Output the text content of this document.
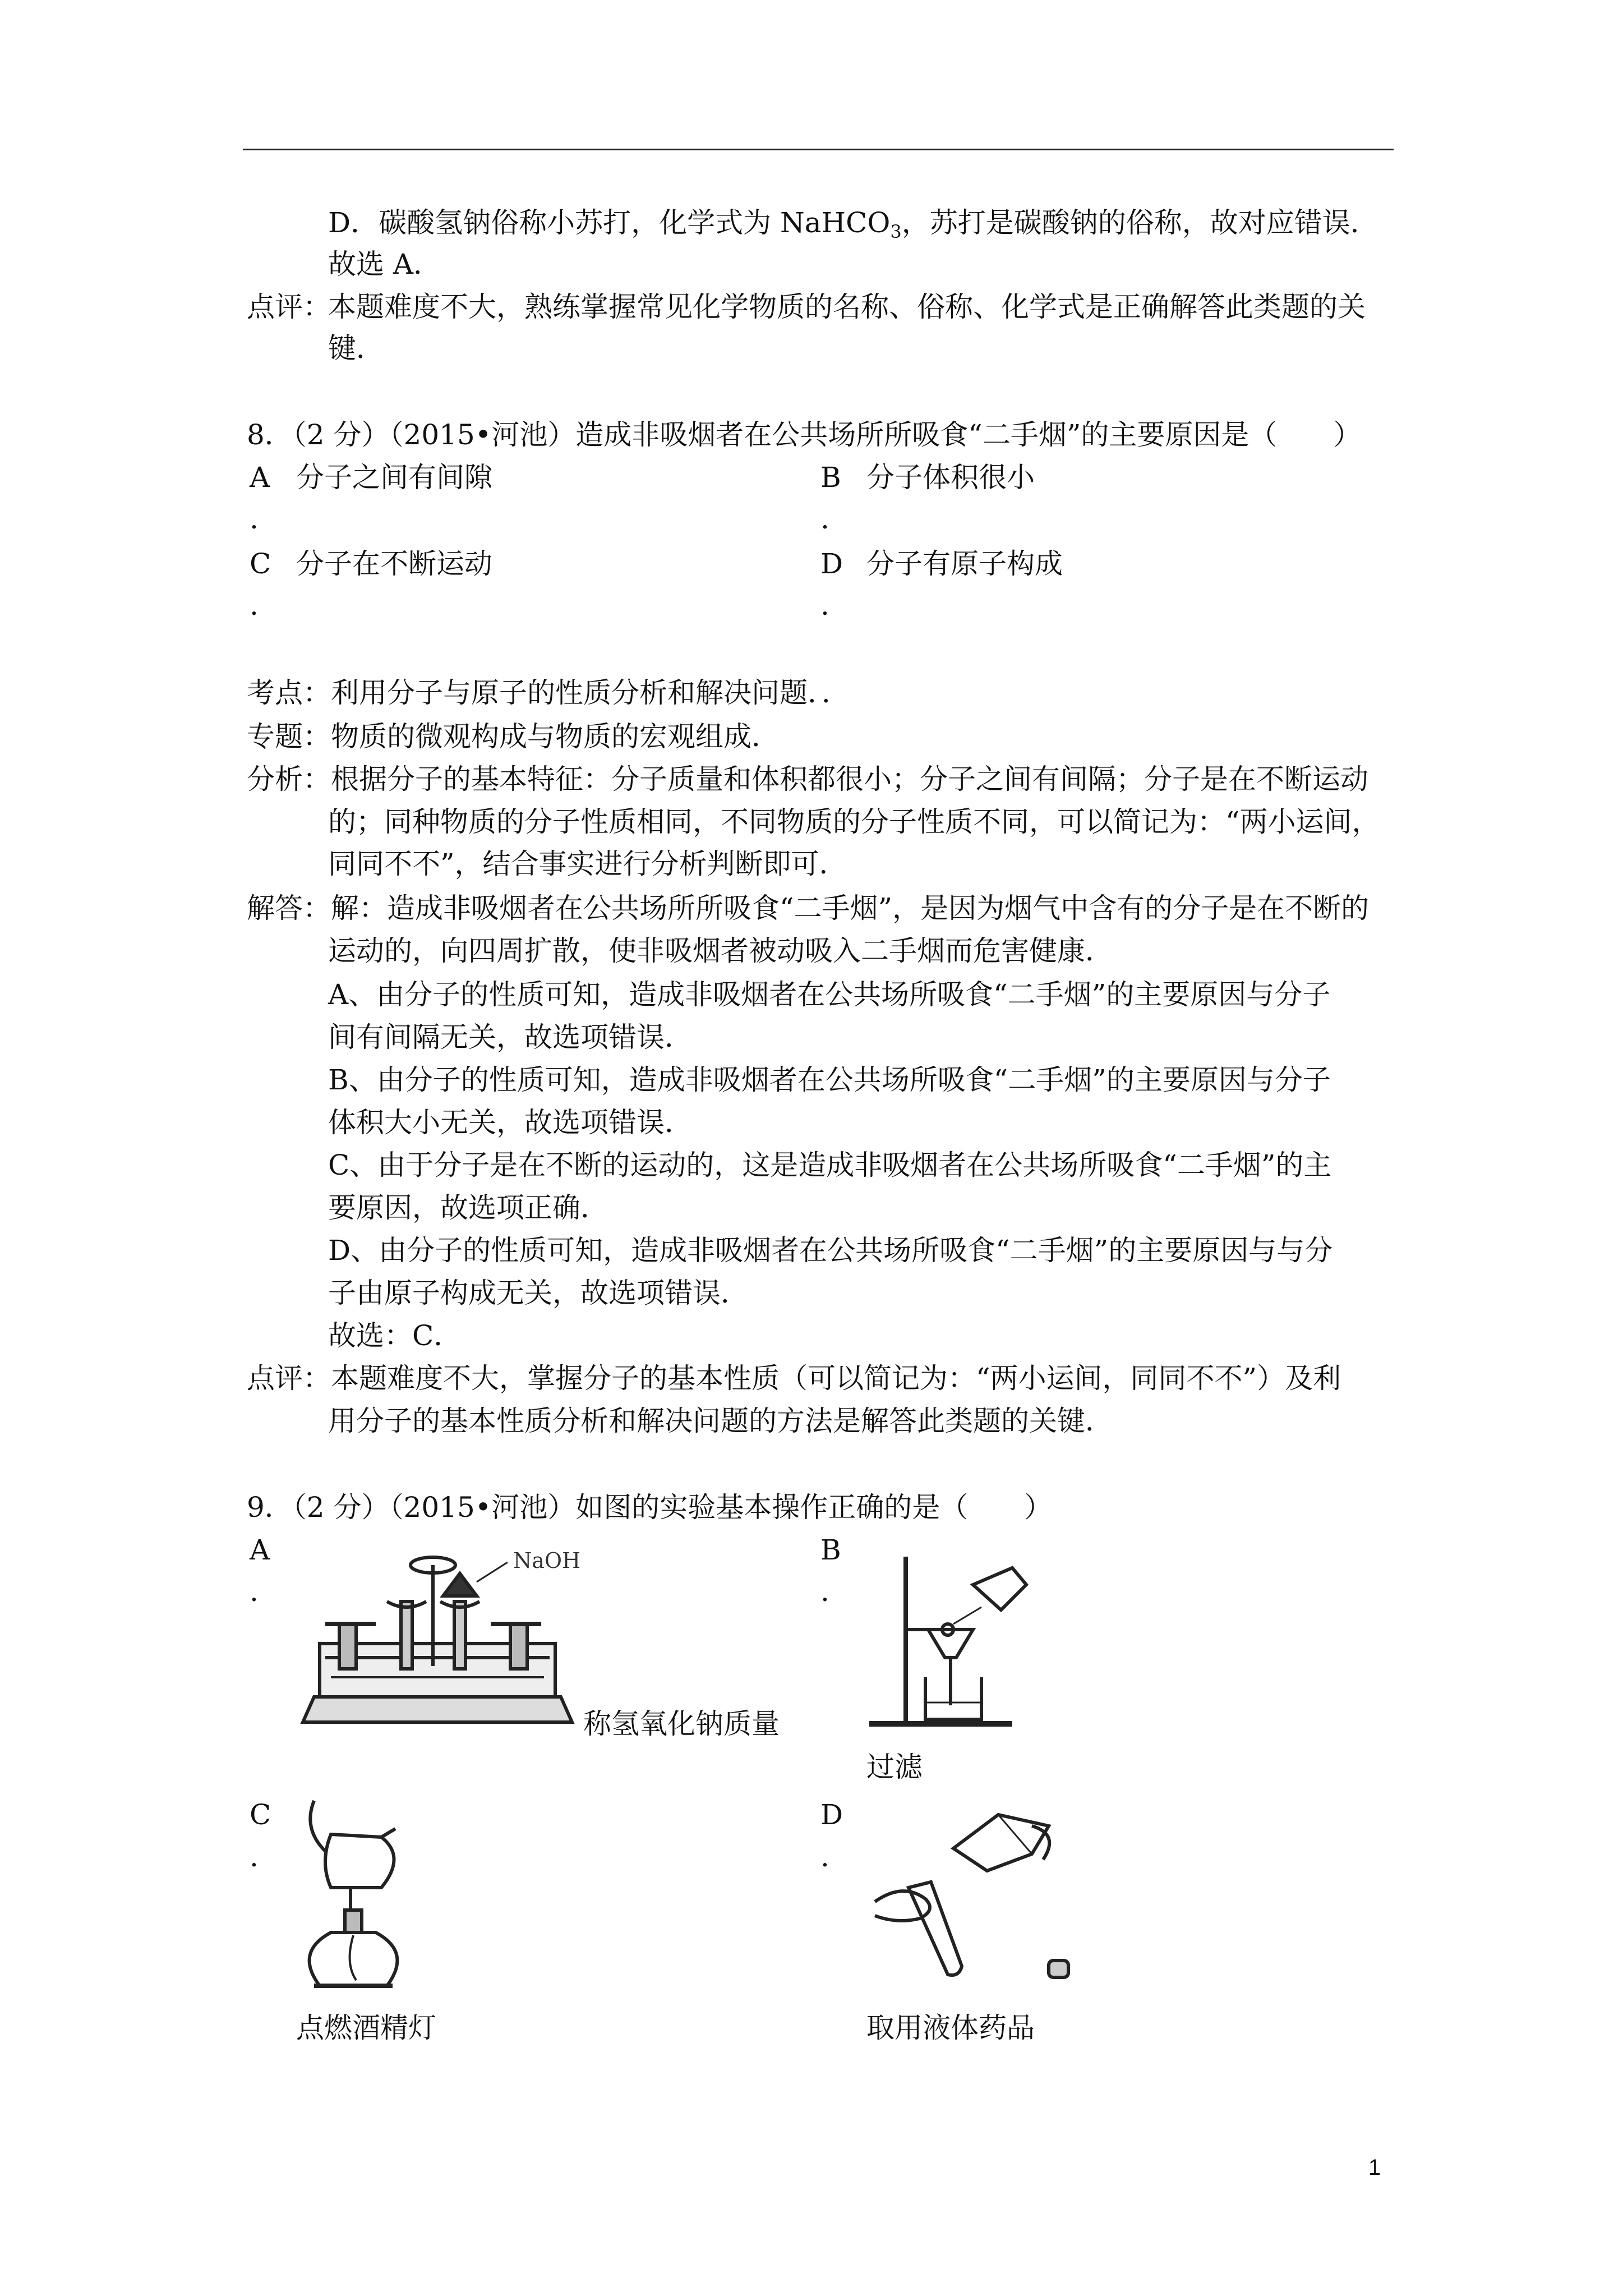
D．碳酸氢钠俗称小苏打，化学式为 NaHCO$_3$，苏打是碳酸钠的俗称，故对应错误．
故选 A．
点评：
本题难度不大，熟练掌握常见化学物质的名称、俗称、化学式是正确解答此类题的关
键．
8．（2 分）（2015•河池）造成非吸烟者在公共场所所吸食“二手烟”的主要原因是（　　）
A
.
分子之间有间隙	B
.
分子体积很小
C
.
分子在不断运动	D
.
分子有原子构成
考点：利用分子与原子的性质分析和解决问题．．
专题：物质的微观构成与物质的宏观组成．
分析：根据分子的基本特征：分子质量和体积都很小；分子之间有间隔；分子是在不断运动
的；同种物质的分子性质相同，不同物质的分子性质不同，可以简记为：“两小运间，
同同不不”，结合事实进行分析判断即可．
解答：解：造成非吸烟者在公共场所所吸食“二手烟”，是因为烟气中含有的分子是在不断的
运动的，向四周扩散，使非吸烟者被动吸入二手烟而危害健康．
A、由分子的性质可知，造成非吸烟者在公共场所吸食“二手烟”的主要原因与分子
间有间隔无关，故选项错误．
B、由分子的性质可知，造成非吸烟者在公共场所吸食“二手烟”的主要原因与分子
体积大小无关，故选项错误．
C、由于分子是在不断的运动的，这是造成非吸烟者在公共场所吸食“二手烟”的主
要原因，故选项正确．
D、由分子的性质可知，造成非吸烟者在公共场所吸食“二手烟”的主要原因与与分
子由原子构成无关，故选项错误．
故选：C．
点评：本题难度不大，掌握分子的基本性质（可以简记为：“两小运间，同同不不”）及利
用分子的基本性质分析和解决问题的方法是解答此类题的关键．
9．（2 分）（2015•河池）如图的实验基本操作正确的是（　　）
A
.
NaOH
称氢氧化钠质量
B
.
过滤
C
.
点燃酒精灯
D
.
取用液体药品
1
